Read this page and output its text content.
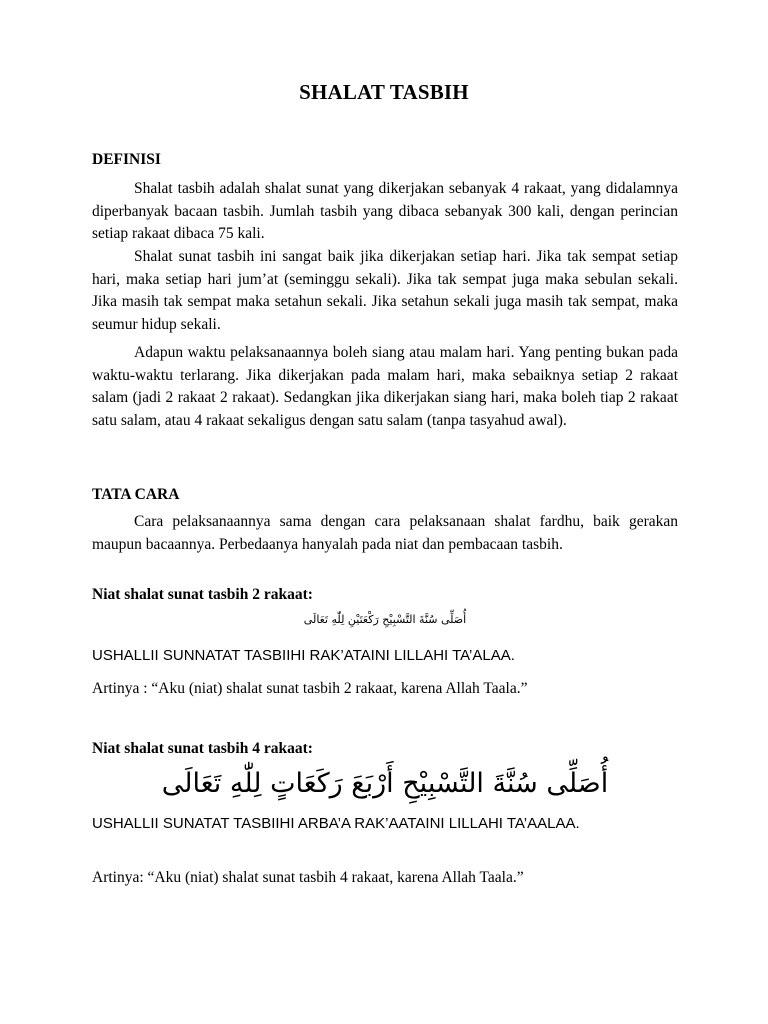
SHALAT TASBIH
DEFINISI

Shalat tasbih adalah shalat sunat yang dikerjakan sebanyak 4 rakaat, yang didalamnya diperbanyak bacaan tasbih. Jumlah tasbih yang dibaca sebanyak 300 kali, dengan perincian setiap rakaat dibaca 75 kali.

Shalat sunat tasbih ini sangat baik jika dikerjakan setiap hari. Jika tak sempat setiap hari, maka setiap hari jum’at (seminggu sekali). Jika tak sempat juga maka sebulan sekali. Jika masih tak sempat maka setahun sekali. Jika setahun sekali juga masih tak sempat, maka seumur hidup sekali.

Adapun waktu pelaksanaannya boleh siang atau malam hari. Yang penting bukan pada waktu-waktu terlarang. Jika dikerjakan pada malam hari, maka sebaiknya setiap 2 rakaat salam (jadi 2 rakaat 2 rakaat). Sedangkan jika dikerjakan siang hari, maka boleh tiap 2 rakaat satu salam, atau 4 rakaat sekaligus dengan satu salam (tanpa tasyahud awal).

TATA CARA

Cara pelaksanaannya sama dengan cara pelaksanaan shalat fardhu, baik gerakan maupun bacaannya. Perbedaanya hanyalah pada niat dan pembacaan tasbih.

Niat shalat sunat tasbih 2 rakaat:
أُصَلِّى سُنَّةَ التَّسْبِيْحِ رَكْعَتَيْنِ لِلّٰهِ تَعَالَى
USHALLII SUNNATAT TASBIIHI RAK’ATAINI LILLAHI TA’ALAA.
Artinya : “Aku (niat) shalat sunat tasbih 2 rakaat, karena Allah Taala.”
Niat shalat sunat tasbih 4 rakaat:
أُصَلِّى سُنَّةَ التَّسْبِيْحِ أَرْبَعَ رَكَعَاتٍ لِلّٰهِ تَعَالَى
USHALLII SUNATAT TASBIIHI ARBA’A RAK’AATAINI LILLAHI TA’AALAA.
Artinya: “Aku (niat) shalat sunat tasbih 4 rakaat, karena Allah Taala.”
